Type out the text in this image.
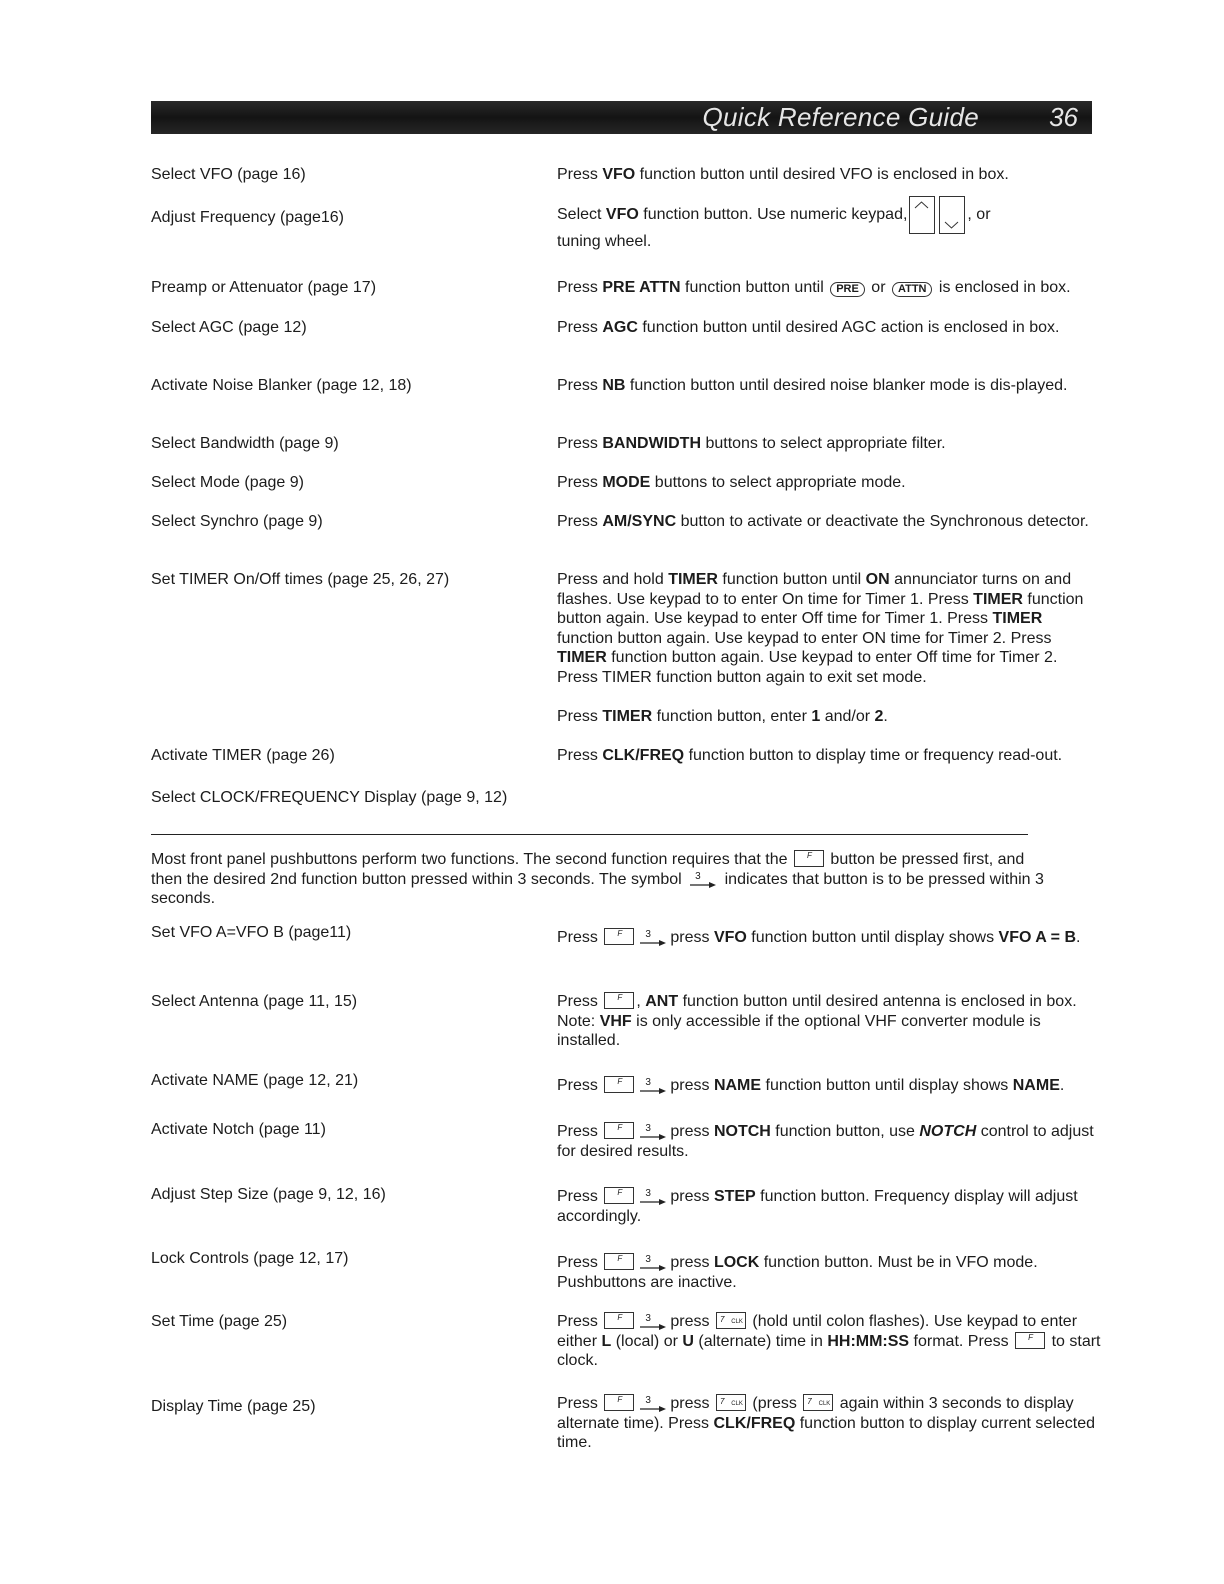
Quick Reference Guide	36
Select VFO (page 16)	Press VFO function button until desired VFO is enclosed in box.
Adjust Frequency (page16)	Select VFO function button. Use numeric keypad,	, or
tuning wheel.
Preamp or Attenuator (page 17)	Press PRE ATTN function button until PRE or ATTN is enclosed in box.
Select AGC (page 12)	Press AGC function button until desired AGC action is enclosed in box.
Activate Noise Blanker (page 12, 18)	Press NB function button until desired noise blanker mode is dis-played.
Select Bandwidth (page 9)	Press BANDWIDTH buttons to select appropriate filter.
Select Mode (page 9)	Press MODE buttons to select appropriate mode.
Select Synchro (page 9)	Press AM/SYNC button to activate or deactivate the Synchronous detector.
Set TIMER On/Off times (page 25, 26, 27)	Press and hold TIMER function button until ON annunciator turns on and flashes. Use keypad to to enter On time for Timer 1. Press TIMER function button again. Use keypad to enter Off time for Timer 1. Press TIMER function button again. Use keypad to enter ON time for Timer 2. Press TIMER function button again. Use keypad to enter Off time for Timer 2. Press TIMER function button again to exit set mode.
Press TIMER function button, enter 1 and/or 2.
Activate TIMER (page 26)	Press CLK/FREQ function button to display time or frequency read-out.
Select CLOCK/FREQUENCY Display (page 9, 12)
Most front panel pushbuttons perform two functions. The second function requires that the F button be pressed first, and then the desired 2nd function button pressed within 3 seconds. The symbol 3 indicates that button is to be pressed within 3 seconds.
Set VFO A=VFO B (page11)	Press F 3 press VFO function button until display shows VFO A = B.
Select Antenna (page 11, 15)	Press F , ANT function button until desired antenna is enclosed in box. Note: VHF is only accessible if the optional VHF converter module is installed.
Activate NAME (page 12, 21)	Press F 3 press NAME function button until display shows NAME.
Activate Notch (page 11)	Press F 3 press NOTCH function button, use NOTCH control to adjust for desired results.
Adjust Step Size (page 9, 12, 16)	Press F 3 press STEP function button. Frequency display will adjust accordingly.
Lock Controls (page 12, 17)	Press F 3 press LOCK function button. Must be in VFO mode. Pushbuttons are inactive.
Set Time (page 25)	Press F 3 press 7 CLK (hold until colon flashes). Use keypad to enter either L (local) or U (alternate) time in HH:MM:SS format. Press F to start clock.
Display Time (page 25)	Press F 3 press 7 CLK (press 7 CLK again within 3 seconds to display alternate time). Press CLK/FREQ function button to display current selected time.
